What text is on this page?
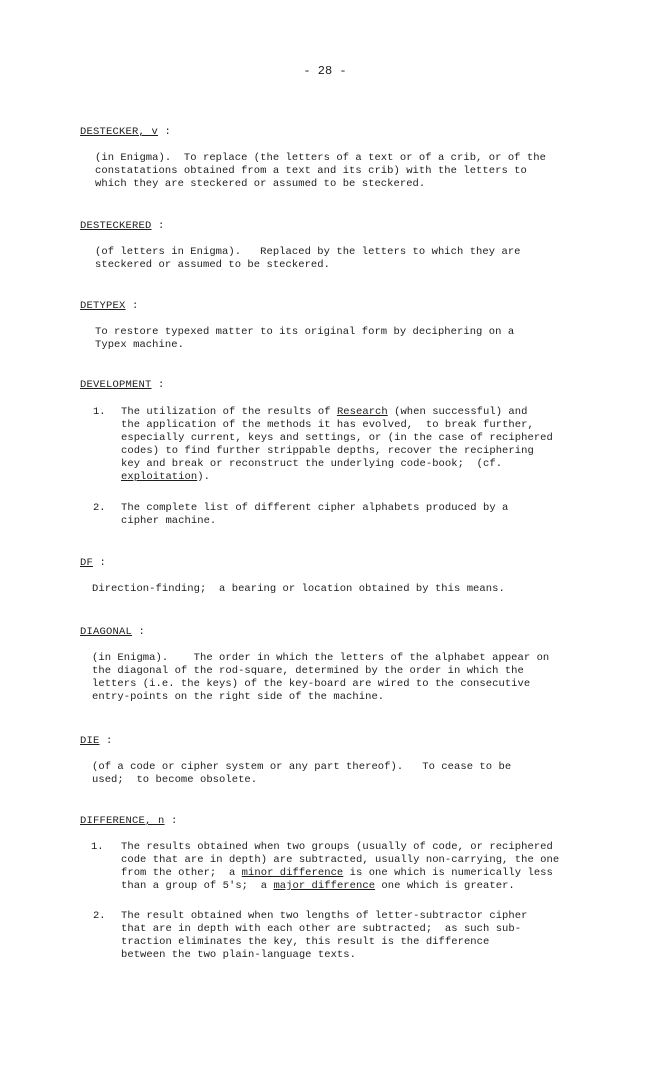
- 28 -
DESTECKER, v :
(in Enigma).  To replace (the letters of a text or of a crib, or of the
constatations obtained from a text and its crib) with the letters to
which they are steckered or assumed to be steckered.
DESTECKERED :
(of letters in Enigma).   Replaced by the letters to which they are
steckered or assumed to be steckered.
DETYPEX :
To restore typexed matter to its original form by deciphering on a
Typex machine.
DEVELOPMENT :
1. The utilization of the results of Research (when successful) and
the application of the methods it has evolved,  to break further,
especially current, keys and settings, or (in the case of reciphered
codes) to find further strippable depths, recover the reciphering
key and break or reconstruct the underlying code-book;  (cf.
exploitation).
2. The complete list of different cipher alphabets produced by a
cipher machine.
DF :
Direction-finding;  a bearing or location obtained by this means.
DIAGONAL :
(in Enigma).    The order in which the letters of the alphabet appear on
the diagonal of the rod-square, determined by the order in which the
letters (i.e. the keys) of the key-board are wired to the consecutive
entry-points on the right side of the machine.
DIE :
(of a code or cipher system or any part thereof).   To cease to be
used;  to become obsolete.
DIFFERENCE, n :
1. The results obtained when two groups (usually of code, or reciphered
code that are in depth) are subtracted, usually non-carrying, the one
from the other;  a minor difference is one which is numerically less
than a group of 5's;  a major difference one which is greater.
2. The result obtained when two lengths of letter-subtractor cipher
that are in depth with each other are subtracted;  as such sub-
traction eliminates the key, this result is the difference
between the two plain-language texts.
